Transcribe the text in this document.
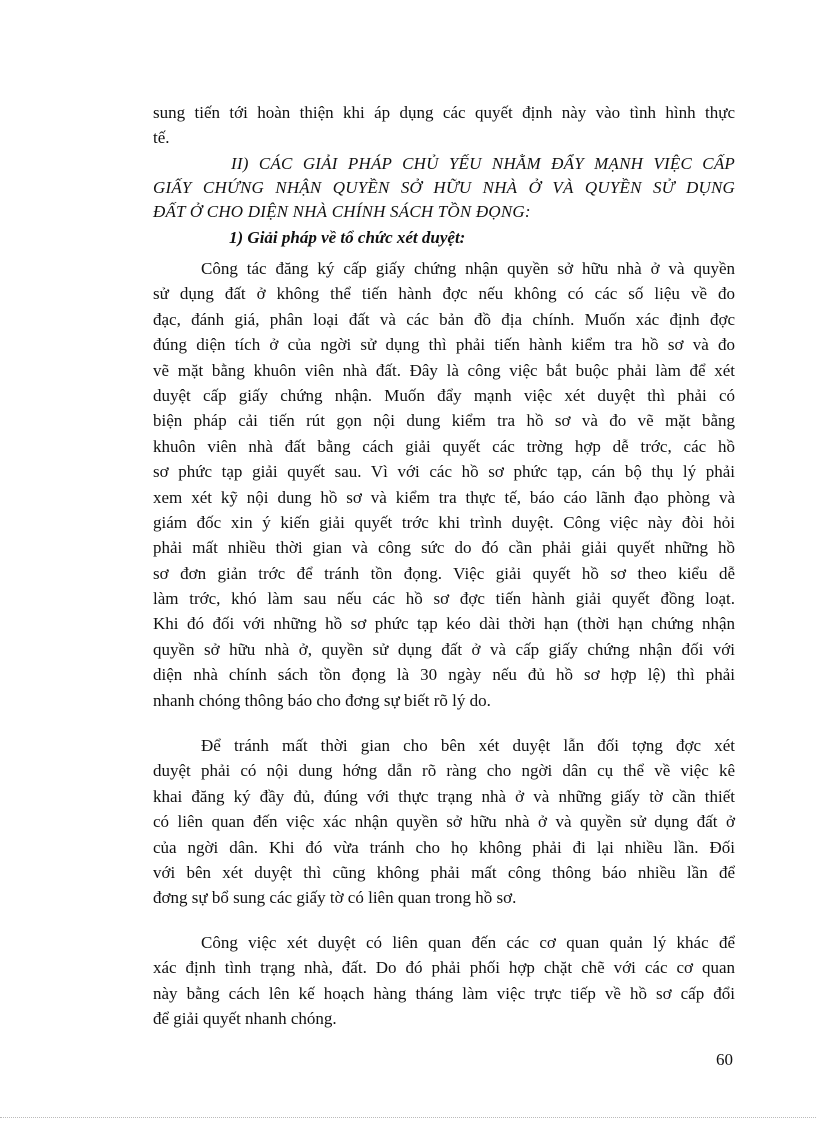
sung tiến tới hoàn thiện khi áp dụng các quyết định này vào tình hình thực
tế.
II) CÁC GIẢI PHÁP CHỦ YẾU NHẰM ĐẨY MẠNH VIỆC CẤP
GIẤY CHỨNG NHẬN QUYỀN SỞ HỮU NHÀ Ở VÀ QUYỀN SỬ DỤNG
ĐẤT Ở CHO DIỆN NHÀ CHÍNH SÁCH TỒN ĐỌNG:
1) Giải pháp về tổ chức xét duyệt:
Công tác đăng ký cấp giấy chứng nhận quyền sở hữu nhà ở và quyền
sử dụng đất ở không thể tiến hành đợc nếu không có các số liệu về đo
đạc, đánh giá, phân loại đất và các bản đồ địa chính. Muốn xác định đợc
đúng diện tích ở của ngời sử dụng thì phải tiến hành kiểm tra hồ sơ và đo
vẽ mặt bằng khuôn viên nhà đất. Đây là công việc bắt buộc phải làm để xét
duyệt cấp giấy chứng nhận. Muốn đẩy mạnh việc xét duyệt thì phải có
biện pháp cải tiến rút gọn nội dung kiểm tra hồ sơ và đo vẽ mặt bằng
khuôn viên nhà đất bằng cách giải quyết các trờng hợp dễ trớc, các hồ
sơ phức tạp giải quyết sau. Vì với các hồ sơ phức tạp, cán bộ thụ lý phải
xem xét kỹ nội dung hồ sơ và kiểm tra thực tế, báo cáo lãnh đạo phòng và
giám đốc xin ý kiến giải quyết trớc khi trình duyệt. Công việc này đòi hỏi
phải mất nhiều thời gian và công sức do đó cần phải giải quyết những hồ
sơ đơn giản trớc để tránh tồn đọng. Việc giải quyết hồ sơ theo kiểu dễ
làm trớc, khó làm sau nếu các hồ sơ đợc tiến hành giải quyết đồng loạt.
Khi đó đối với những hồ sơ phức tạp kéo dài thời hạn (thời hạn chứng nhận
quyền sở hữu nhà ở, quyền sử dụng đất ở và cấp giấy chứng nhận đối với
diện nhà chính sách tồn đọng là 30 ngày nếu đủ hồ sơ hợp lệ) thì phải
nhanh chóng thông báo cho đơng sự biết rõ lý do.
Để tránh mất thời gian cho bên xét duyệt lẫn đối tợng đợc xét
duyệt phải có nội dung hớng dẫn rõ ràng cho ngời dân cụ thể về việc kê
khai đăng ký đầy đủ, đúng với thực trạng nhà ở và những giấy tờ cần thiết
có liên quan đến việc xác nhận quyền sở hữu nhà ở và quyền sử dụng đất ở
của ngời dân. Khi đó vừa tránh cho họ không phải đi lại nhiều lần. Đối
với bên xét duyệt thì cũng không phải mất công thông báo nhiều lần để
đơng sự bổ sung các giấy tờ có liên quan trong hồ sơ.
Công việc xét duyệt có liên quan đến các cơ quan quản lý khác để
xác định tình trạng nhà, đất. Do đó phải phối hợp chặt chẽ với các cơ quan
này bằng cách lên kế hoạch hàng tháng làm việc trực tiếp về hồ sơ cấp đổi
để giải quyết nhanh chóng.
60
